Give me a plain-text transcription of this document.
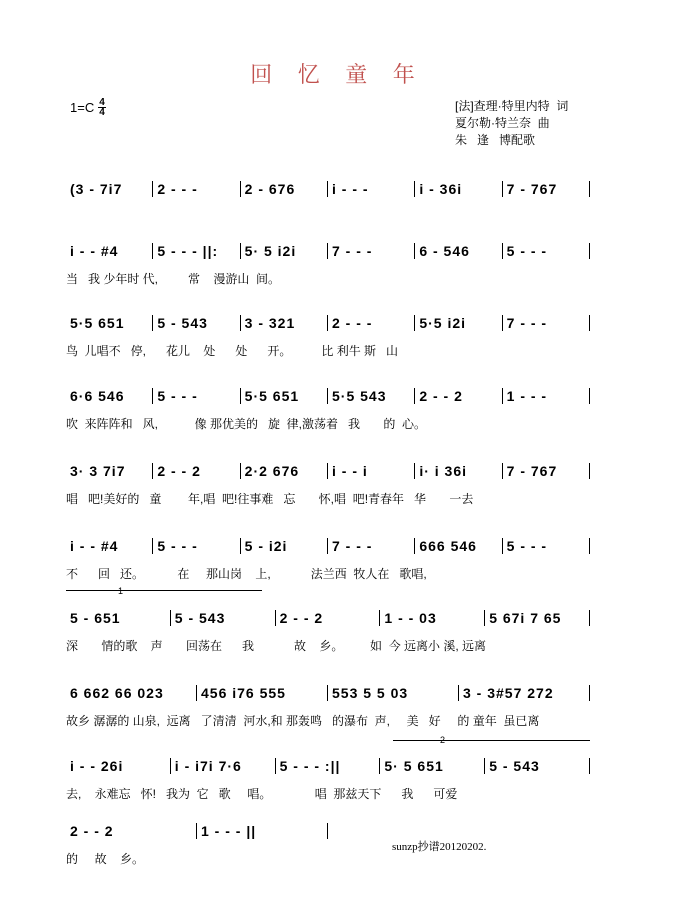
回 忆 童 年
$1=C \frac{4}{4}$	[法]查理·特里内特  词
夏尔勒·特兰奈  曲
朱   逢   博配歌
(3 - 7i7	2 - - -	2 - 676	i - - -	i - 36i	7 - 767
i - - #4	5 - - - ||:	5· 5 i2i	7 - - -	6 - 546	5 - - -
当   我 少年时 代,         常    漫游山  间。
5·5 651	5 - 543	3 - 321	2 - - -	5·5 i2i	7 - - -
鸟  儿唱不   停,      花儿    处      处      开。         比 利牛 斯   山
6·6 546	5 - - -	5·5 651	5·5 543	2 - - 2	1 - - -
吹  来阵阵和   风,           像 那优美的   旋  律,激荡着   我       的  心。
3· 3 7i7	2 - - 2	2·2 676	i - - i	i· i 36i	7 - 767
唱   吧!美好的   童        年,唱  吧!往事难   忘       怀,唱  吧!青春年   华       一去
i - - #4	5 - - -	5 - i2i	7 - - -	666 546	5 - - -
不      回   还。          在     那山岗    上,            法兰西  牧人在   歌唱,
5 - 651	5 - 543	2 - - 2	1 - - 03	5 67i 7 65
深       情的歌    声       回荡在      我            故    乡。        如  今 远离小 溪, 远离
6 662 66 023	456 i76 555	553 5 5 03	3 - 3#57 272
故乡 潺潺的 山泉,  远离   了清清  河水,和 那轰鸣   的瀑布  声,     美   好     的 童年  虽已离
i - - 26i	i - i7i 7·6	5 - - - :||	5· 5 651	5 - 543
去,    永难忘   怀!   我为  它   歌     唱。             唱  那兹天下      我      可爱
2 - - 2	1 - - - ||
的     故    乡。
1
2
sunzp抄谱20120202.
